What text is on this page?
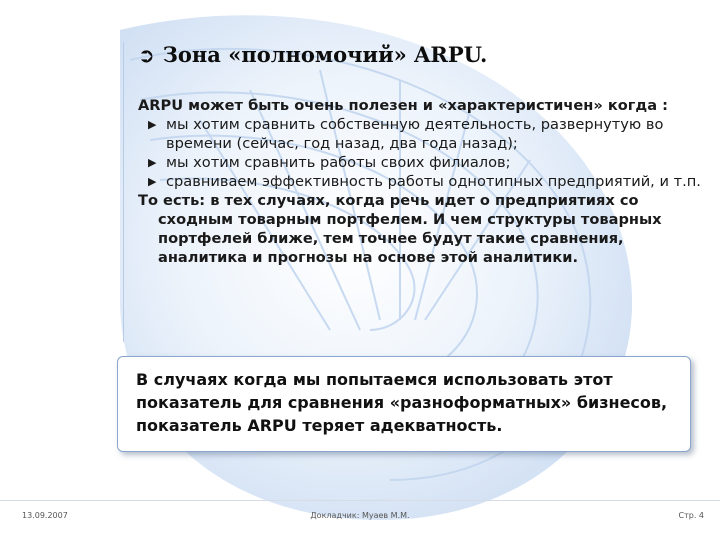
➲ Зона «полномочий» ARPU.

ARPU может быть очень полезен и «характеристичен» когда :

▶ мы хотим сравнить собственную деятельность, развернутую во времени (сейчас, год назад, два года назад);
▶ мы хотим сравнить работы своих филиалов;
▶ сравниваем эффективность работы однотипных предприятий, и т.п.

То есть: в тех случаях, когда речь идет о предприятиях со сходным товарным портфелем. И чем структуры товарных портфелей ближе, тем точнее будут такие сравнения, аналитика и прогнозы на основе этой аналитики.

В случаях когда мы попытаемся использовать этот показатель для сравнения «разноформатных» бизнесов, показатель ARPU теряет адекватность.
13.09.2007	Докладчик: Муаев М.М.	Стр. 4
